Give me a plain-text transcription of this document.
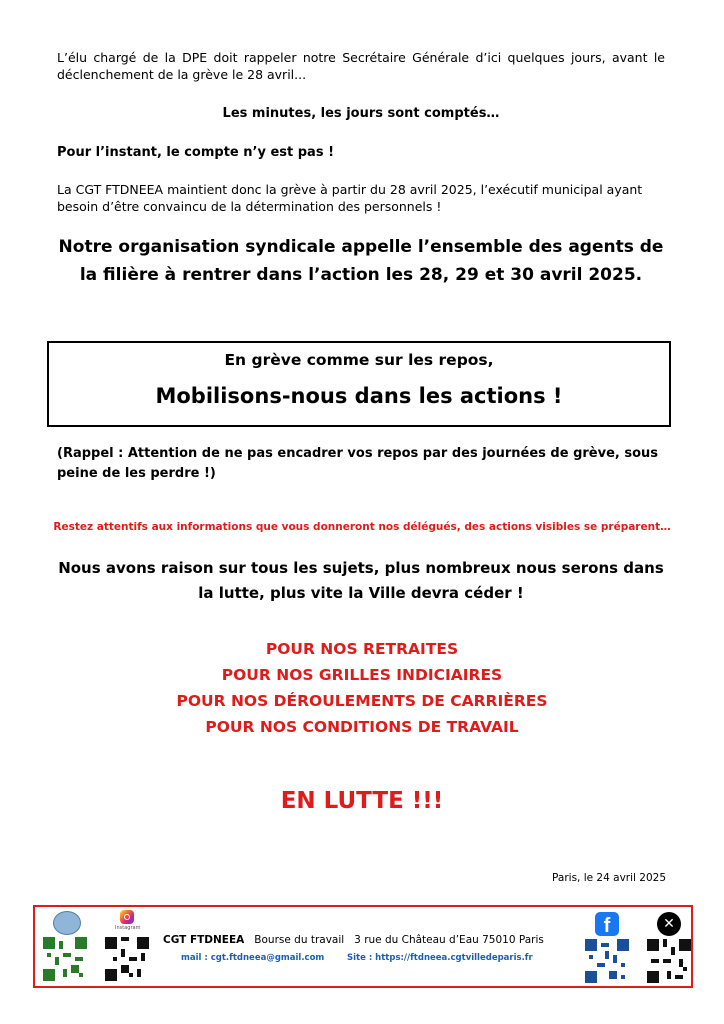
L’élu chargé de la DPE doit rappeler notre Secrétaire Générale d’ici quelques jours, avant le déclenchement de la grève le 28 avril...
Les minutes, les jours sont comptés…
Pour l’instant, le compte n’y est pas !
La CGT FTDNEEA maintient donc la grève à partir du 28 avril 2025, l’exécutif municipal ayant besoin d’être convaincu de la détermination des personnels !
Notre organisation syndicale appelle l’ensemble des agents de la filière à rentrer dans l’action les 28, 29 et 30 avril 2025.
En grève comme sur les repos,
Mobilisons-nous dans les actions !
(Rappel : Attention de ne pas encadrer vos repos par des journées de grève, sous peine de les perdre !)
Restez attentifs aux informations que vous donneront nos délégués, des actions visibles se préparent…
Nous avons raison sur tous les sujets, plus nombreux nous serons dans la lutte, plus vite la Ville devra céder !
POUR NOS RETRAITES
POUR NOS GRILLES INDICIAIRES
POUR NOS DÉROULEMENTS DE CARRIÈRES
POUR NOS CONDITIONS DE TRAVAIL
EN LUTTE !!!
Paris, le 24 avril 2025
Instagram
CGT FTDNEEA Bourse du travail   3 rue du Château d’Eau 75010 Paris
mail : cgt.ftdneea@gmail.com	Site : https://ftdneea.cgtvilledeparis.fr
f	✕
